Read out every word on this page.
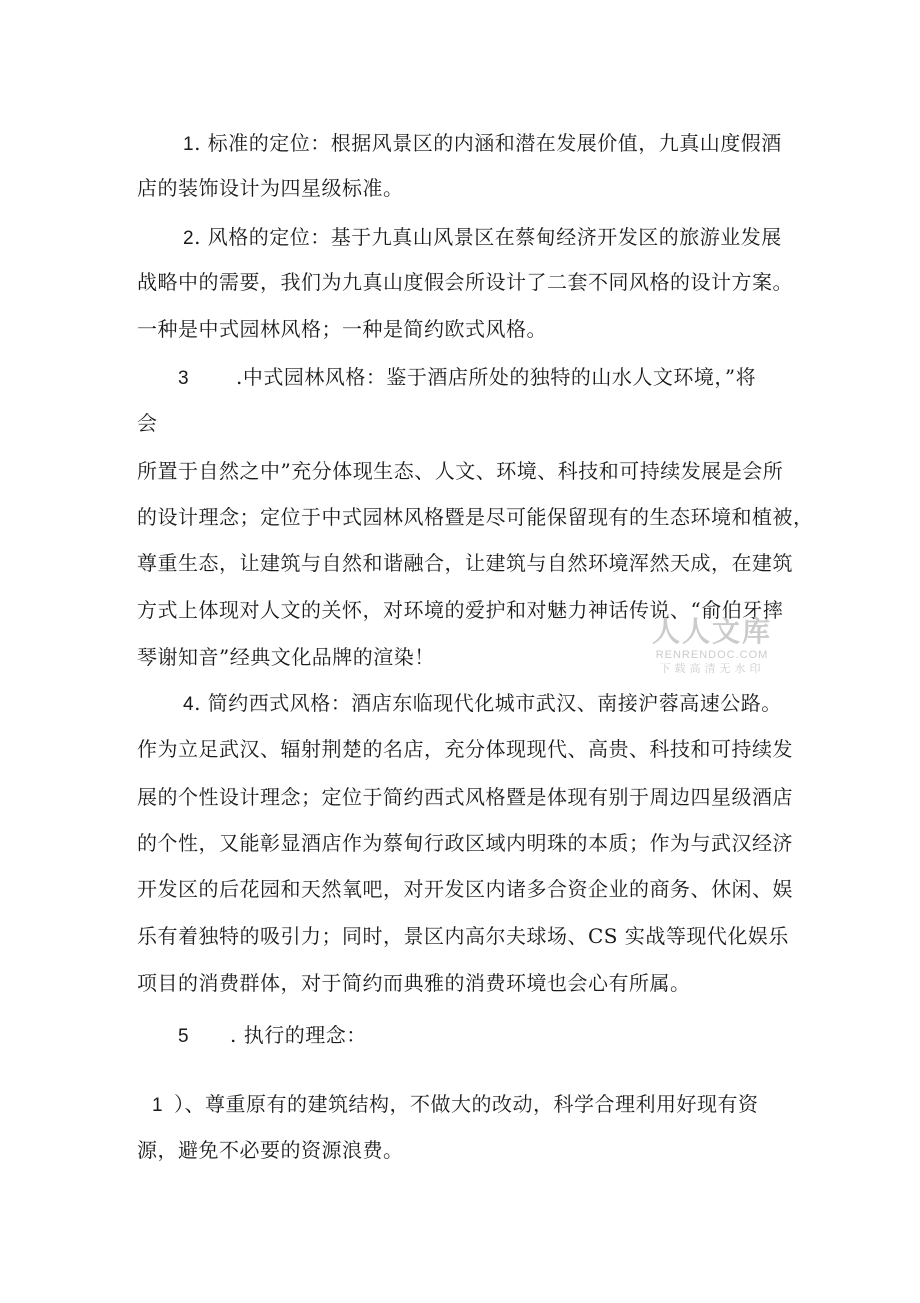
1. 标准的定位：根据风景区的内涵和潜在发展价值，九真山度假酒
店的装饰设计为四星级标准。
2. 风格的定位：基于九真山风景区在蔡甸经济开发区的旅游业发展
战略中的需要，我们为九真山度假会所设计了二套不同风格的设计方案。
一种是中式园林风格；一种是简约欧式风格。
3 .中式园林风格：鉴于酒店所处的独特的山水人文环境，”将
会
所置于自然之中”充分体现生态、人文、环境、科技和可持续发展是会所
的设计理念；定位于中式园林风格暨是尽可能保留现有的生态环境和植被，
尊重生态，让建筑与自然和谐融合，让建筑与自然环境浑然天成，在建筑
方式上体现对人文的关怀，对环境的爱护和对魅力神话传说、“俞伯牙摔
琴谢知音”经典文化品牌的渲染！
4. 简约西式风格：酒店东临现代化城市武汉、南接沪蓉高速公路。
作为立足武汉、辐射荆楚的名店，充分体现现代、高贵、科技和可持续发
展的个性设计理念；定位于简约西式风格暨是体现有别于周边四星级酒店
的个性，又能彰显酒店作为蔡甸行政区域内明珠的本质；作为与武汉经济
开发区的后花园和天然氧吧，对开发区内诸多合资企业的商务、休闲、娱
乐有着独特的吸引力；同时，景区内高尔夫球场、CS 实战等现代化娱乐
项目的消费群体，对于简约而典雅的消费环境也会心有所属。
5 . 执行的理念：
1 ）、尊重原有的建筑结构，不做大的改动，科学合理利用好现有资
源，避免不必要的资源浪费。
人人文库
RENRENDOC.COM
下载高清无水印
